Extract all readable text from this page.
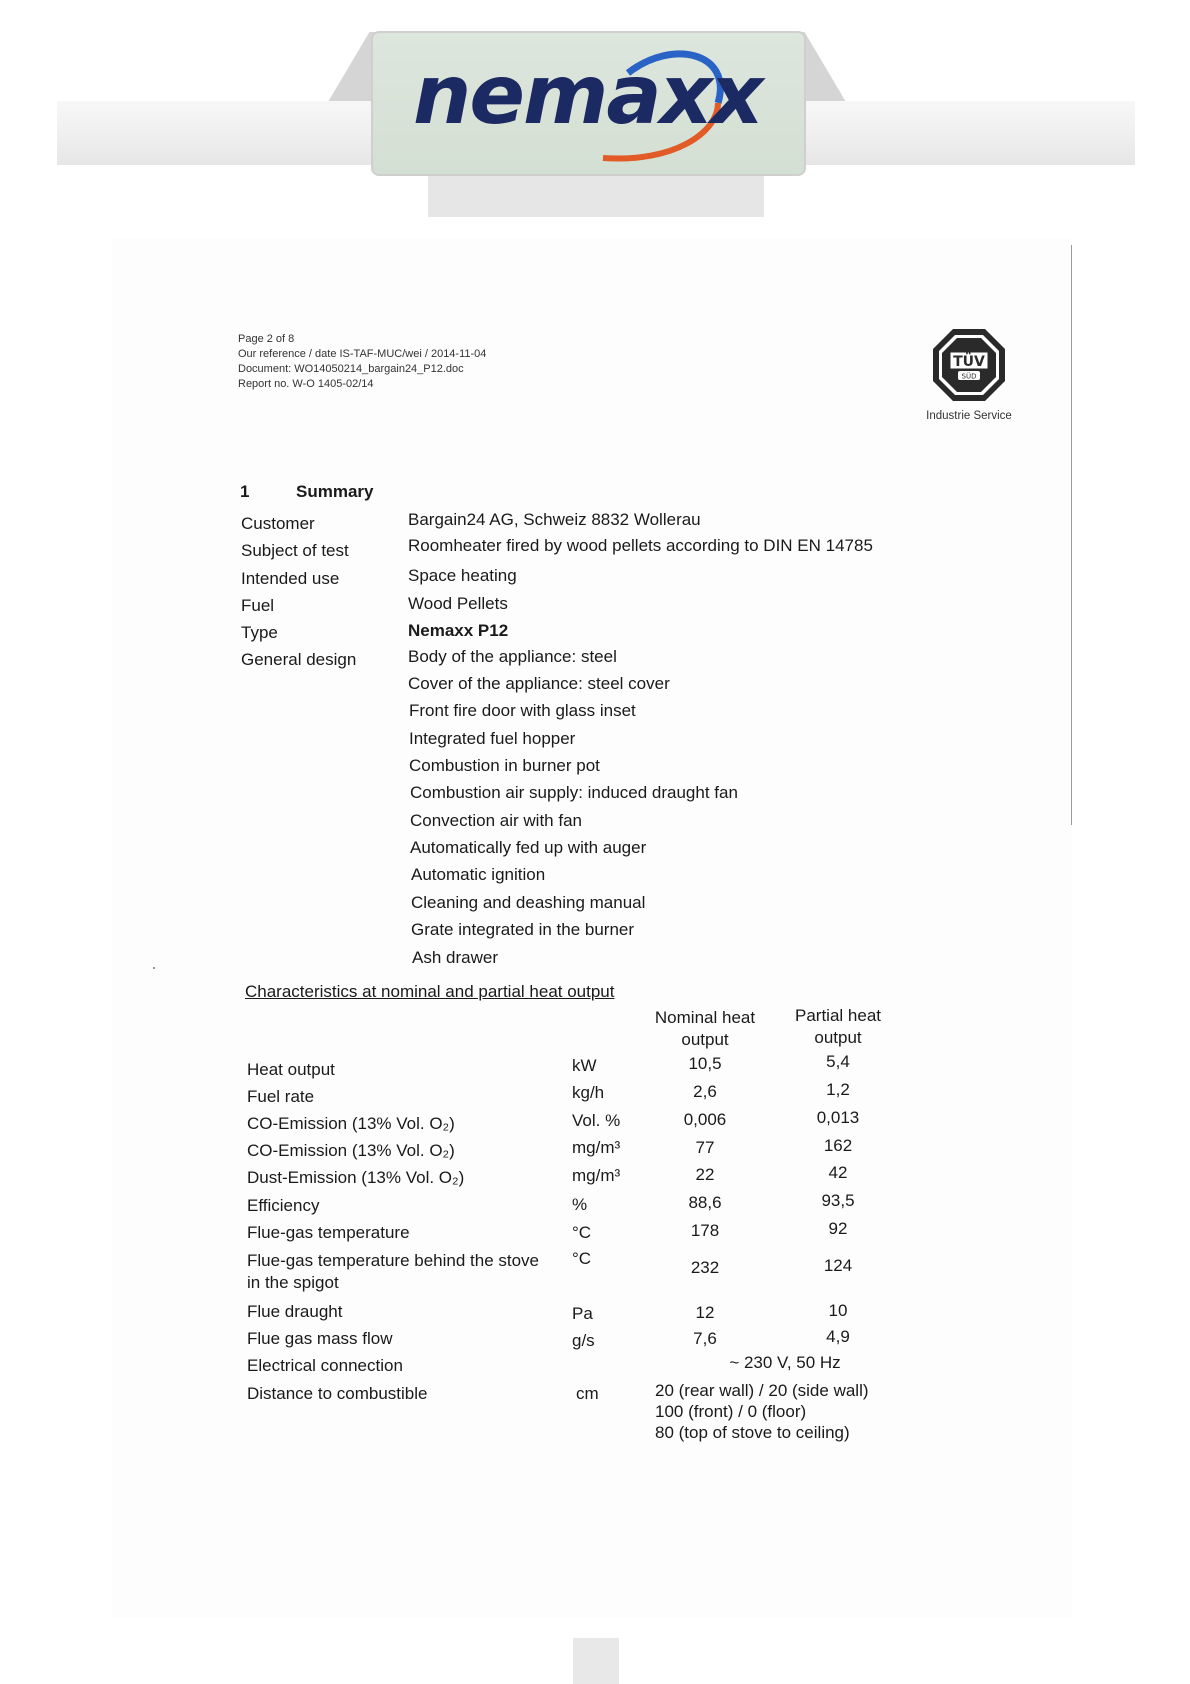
nemaxx
Page 2 of 8
Our reference / date IS-TAF-MUC/wei / 2014-11-04
Document: WO14050214_bargain24_P12.doc
Report no. W-O 1405-02/14
TÜV
SÜD
Industrie Service
1	Summary
Customer	Bargain24 AG, Schweiz 8832 Wollerau
Subject of test	Roomheater fired by wood pellets according to DIN EN 14785
Intended use	Space heating
Fuel	Wood Pellets
Type	Nemaxx P12
General design	Body of the appliance: steel
Cover of the appliance: steel cover
Front fire door with glass inset
Integrated fuel hopper
Combustion in burner pot
Combustion air supply: induced draught fan
Convection air with fan
Automatically fed up with auger
Automatic ignition
Cleaning and deashing manual
Grate integrated in the burner
Ash drawer
Characteristics at nominal and partial heat output
Nominal heat
output
Partial heat
output
Heat output	kW	10,5	5,4
Fuel rate	kg/h	2,6	1,2
CO-Emission (13% Vol. O₂)	Vol. %	0,006	0,013
CO-Emission (13% Vol. O₂)	mg/m³	77	162
Dust-Emission (13% Vol. O₂)	mg/m³	22	42
Efficiency	%	88,6	93,5
Flue-gas temperature	°C	178	92
Flue-gas temperature behind the stove
in the spigot
°C	232	124
Flue draught	Pa	12	10
Flue gas mass flow	g/s	7,6	4,9
Electrical connection	~ 230 V, 50 Hz
Distance to combustible	cm	20 (rear wall) / 20 (side wall)
100 (front) / 0 (floor)
80 (top of stove to ceiling)
